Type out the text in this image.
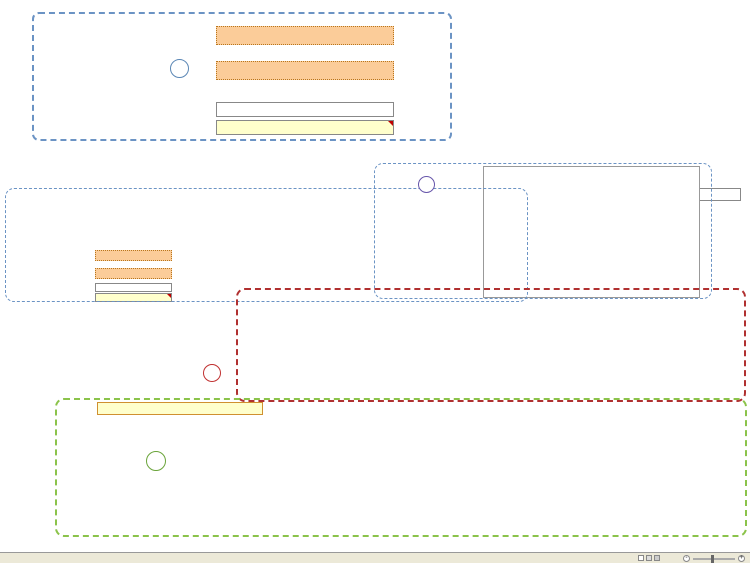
-	+
